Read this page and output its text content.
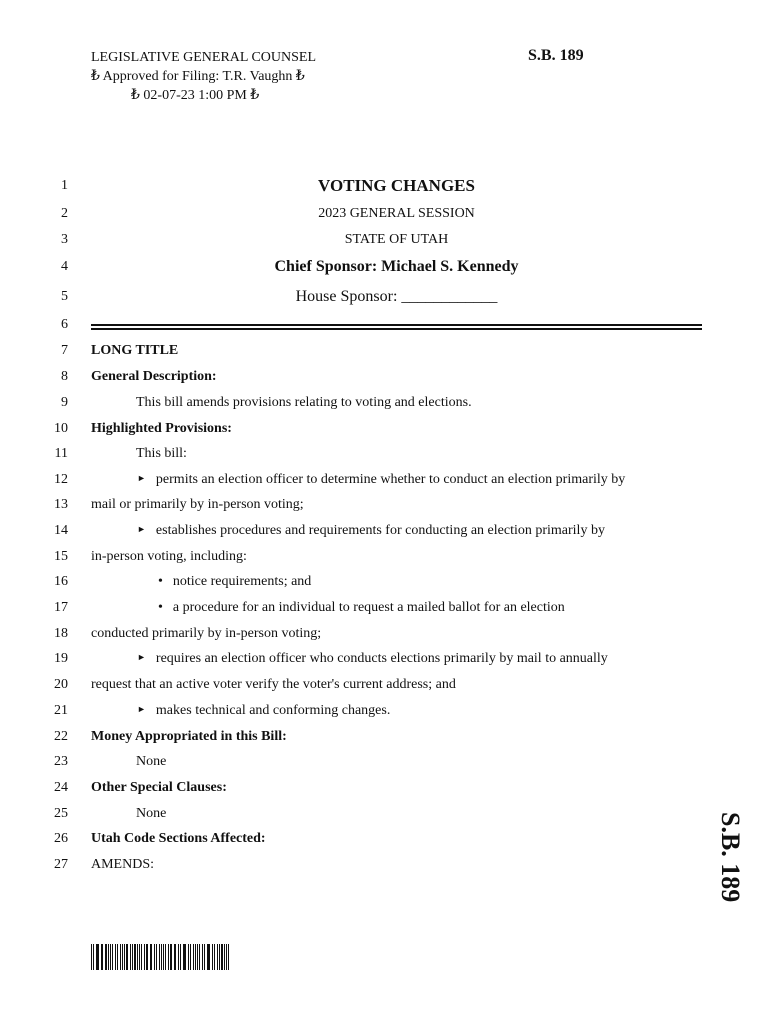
LEGISLATIVE GENERAL COUNSEL
₺ Approved for Filing: T.R. Vaughn ₺
₺ 02-07-23 1:00 PM ₺
S.B. 189
1
2
3
4
5
6
7
8
9
10
11
12
13
14
15
16
17
18
19
20
21
22
23
24
25
26
27
VOTING CHANGES
2023 GENERAL SESSION
STATE OF UTAH
Chief Sponsor: Michael S. Kennedy
House Sponsor: ____________
LONG TITLE
General Description:
This bill amends provisions relating to voting and elections.
Highlighted Provisions:
This bill:
► permits an election officer to determine whether to conduct an election primarily by
mail or primarily by in-person voting;
► establishes procedures and requirements for conducting an election primarily by
in-person voting, including:
• notice requirements; and
• a procedure for an individual to request a mailed ballot for an election
conducted primarily by in-person voting;
► requires an election officer who conducts elections primarily by mail to annually
request that an active voter verify the voter's current address; and
► makes technical and conforming changes.
Money Appropriated in this Bill:
None
Other Special Clauses:
None
Utah Code Sections Affected:
AMENDS:	S.B. 189
